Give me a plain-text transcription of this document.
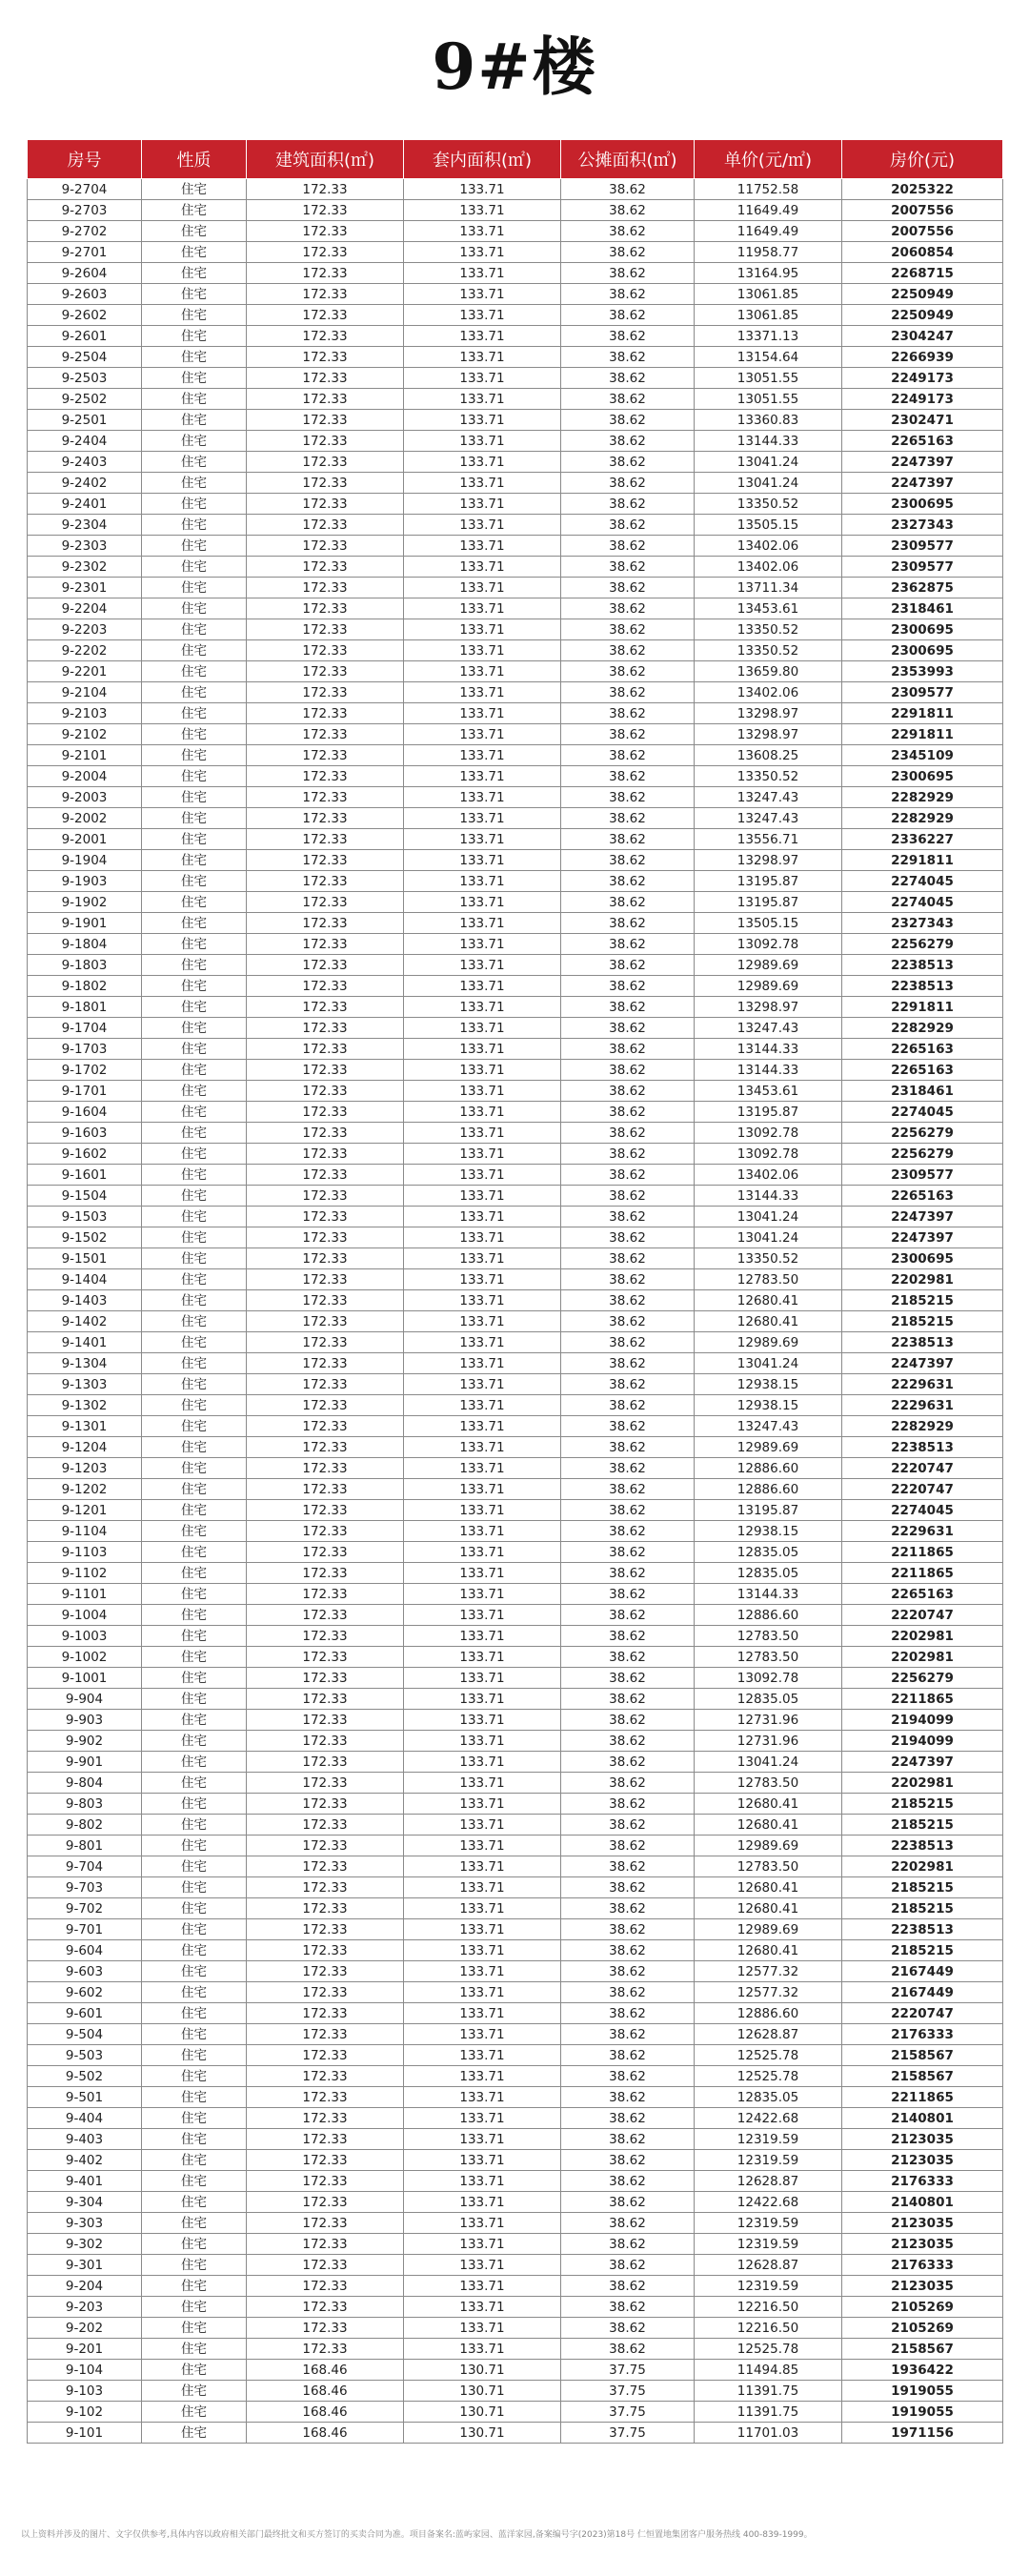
9#楼
房号	性质	建筑面积(㎡)	套内面积(㎡)	公摊面积(㎡)	单价(元/㎡)	房价(元)
9-2704	住宅	172.33	133.71	38.62	11752.58	2025322
9-2703	住宅	172.33	133.71	38.62	11649.49	2007556
9-2702	住宅	172.33	133.71	38.62	11649.49	2007556
9-2701	住宅	172.33	133.71	38.62	11958.77	2060854
9-2604	住宅	172.33	133.71	38.62	13164.95	2268715
9-2603	住宅	172.33	133.71	38.62	13061.85	2250949
9-2602	住宅	172.33	133.71	38.62	13061.85	2250949
9-2601	住宅	172.33	133.71	38.62	13371.13	2304247
9-2504	住宅	172.33	133.71	38.62	13154.64	2266939
9-2503	住宅	172.33	133.71	38.62	13051.55	2249173
9-2502	住宅	172.33	133.71	38.62	13051.55	2249173
9-2501	住宅	172.33	133.71	38.62	13360.83	2302471
9-2404	住宅	172.33	133.71	38.62	13144.33	2265163
9-2403	住宅	172.33	133.71	38.62	13041.24	2247397
9-2402	住宅	172.33	133.71	38.62	13041.24	2247397
9-2401	住宅	172.33	133.71	38.62	13350.52	2300695
9-2304	住宅	172.33	133.71	38.62	13505.15	2327343
9-2303	住宅	172.33	133.71	38.62	13402.06	2309577
9-2302	住宅	172.33	133.71	38.62	13402.06	2309577
9-2301	住宅	172.33	133.71	38.62	13711.34	2362875
9-2204	住宅	172.33	133.71	38.62	13453.61	2318461
9-2203	住宅	172.33	133.71	38.62	13350.52	2300695
9-2202	住宅	172.33	133.71	38.62	13350.52	2300695
9-2201	住宅	172.33	133.71	38.62	13659.80	2353993
9-2104	住宅	172.33	133.71	38.62	13402.06	2309577
9-2103	住宅	172.33	133.71	38.62	13298.97	2291811
9-2102	住宅	172.33	133.71	38.62	13298.97	2291811
9-2101	住宅	172.33	133.71	38.62	13608.25	2345109
9-2004	住宅	172.33	133.71	38.62	13350.52	2300695
9-2003	住宅	172.33	133.71	38.62	13247.43	2282929
9-2002	住宅	172.33	133.71	38.62	13247.43	2282929
9-2001	住宅	172.33	133.71	38.62	13556.71	2336227
9-1904	住宅	172.33	133.71	38.62	13298.97	2291811
9-1903	住宅	172.33	133.71	38.62	13195.87	2274045
9-1902	住宅	172.33	133.71	38.62	13195.87	2274045
9-1901	住宅	172.33	133.71	38.62	13505.15	2327343
9-1804	住宅	172.33	133.71	38.62	13092.78	2256279
9-1803	住宅	172.33	133.71	38.62	12989.69	2238513
9-1802	住宅	172.33	133.71	38.62	12989.69	2238513
9-1801	住宅	172.33	133.71	38.62	13298.97	2291811
9-1704	住宅	172.33	133.71	38.62	13247.43	2282929
9-1703	住宅	172.33	133.71	38.62	13144.33	2265163
9-1702	住宅	172.33	133.71	38.62	13144.33	2265163
9-1701	住宅	172.33	133.71	38.62	13453.61	2318461
9-1604	住宅	172.33	133.71	38.62	13195.87	2274045
9-1603	住宅	172.33	133.71	38.62	13092.78	2256279
9-1602	住宅	172.33	133.71	38.62	13092.78	2256279
9-1601	住宅	172.33	133.71	38.62	13402.06	2309577
9-1504	住宅	172.33	133.71	38.62	13144.33	2265163
9-1503	住宅	172.33	133.71	38.62	13041.24	2247397
9-1502	住宅	172.33	133.71	38.62	13041.24	2247397
9-1501	住宅	172.33	133.71	38.62	13350.52	2300695
9-1404	住宅	172.33	133.71	38.62	12783.50	2202981
9-1403	住宅	172.33	133.71	38.62	12680.41	2185215
9-1402	住宅	172.33	133.71	38.62	12680.41	2185215
9-1401	住宅	172.33	133.71	38.62	12989.69	2238513
9-1304	住宅	172.33	133.71	38.62	13041.24	2247397
9-1303	住宅	172.33	133.71	38.62	12938.15	2229631
9-1302	住宅	172.33	133.71	38.62	12938.15	2229631
9-1301	住宅	172.33	133.71	38.62	13247.43	2282929
9-1204	住宅	172.33	133.71	38.62	12989.69	2238513
9-1203	住宅	172.33	133.71	38.62	12886.60	2220747
9-1202	住宅	172.33	133.71	38.62	12886.60	2220747
9-1201	住宅	172.33	133.71	38.62	13195.87	2274045
9-1104	住宅	172.33	133.71	38.62	12938.15	2229631
9-1103	住宅	172.33	133.71	38.62	12835.05	2211865
9-1102	住宅	172.33	133.71	38.62	12835.05	2211865
9-1101	住宅	172.33	133.71	38.62	13144.33	2265163
9-1004	住宅	172.33	133.71	38.62	12886.60	2220747
9-1003	住宅	172.33	133.71	38.62	12783.50	2202981
9-1002	住宅	172.33	133.71	38.62	12783.50	2202981
9-1001	住宅	172.33	133.71	38.62	13092.78	2256279
9-904	住宅	172.33	133.71	38.62	12835.05	2211865
9-903	住宅	172.33	133.71	38.62	12731.96	2194099
9-902	住宅	172.33	133.71	38.62	12731.96	2194099
9-901	住宅	172.33	133.71	38.62	13041.24	2247397
9-804	住宅	172.33	133.71	38.62	12783.50	2202981
9-803	住宅	172.33	133.71	38.62	12680.41	2185215
9-802	住宅	172.33	133.71	38.62	12680.41	2185215
9-801	住宅	172.33	133.71	38.62	12989.69	2238513
9-704	住宅	172.33	133.71	38.62	12783.50	2202981
9-703	住宅	172.33	133.71	38.62	12680.41	2185215
9-702	住宅	172.33	133.71	38.62	12680.41	2185215
9-701	住宅	172.33	133.71	38.62	12989.69	2238513
9-604	住宅	172.33	133.71	38.62	12680.41	2185215
9-603	住宅	172.33	133.71	38.62	12577.32	2167449
9-602	住宅	172.33	133.71	38.62	12577.32	2167449
9-601	住宅	172.33	133.71	38.62	12886.60	2220747
9-504	住宅	172.33	133.71	38.62	12628.87	2176333
9-503	住宅	172.33	133.71	38.62	12525.78	2158567
9-502	住宅	172.33	133.71	38.62	12525.78	2158567
9-501	住宅	172.33	133.71	38.62	12835.05	2211865
9-404	住宅	172.33	133.71	38.62	12422.68	2140801
9-403	住宅	172.33	133.71	38.62	12319.59	2123035
9-402	住宅	172.33	133.71	38.62	12319.59	2123035
9-401	住宅	172.33	133.71	38.62	12628.87	2176333
9-304	住宅	172.33	133.71	38.62	12422.68	2140801
9-303	住宅	172.33	133.71	38.62	12319.59	2123035
9-302	住宅	172.33	133.71	38.62	12319.59	2123035
9-301	住宅	172.33	133.71	38.62	12628.87	2176333
9-204	住宅	172.33	133.71	38.62	12319.59	2123035
9-203	住宅	172.33	133.71	38.62	12216.50	2105269
9-202	住宅	172.33	133.71	38.62	12216.50	2105269
9-201	住宅	172.33	133.71	38.62	12525.78	2158567
9-104	住宅	168.46	130.71	37.75	11494.85	1936422
9-103	住宅	168.46	130.71	37.75	11391.75	1919055
9-102	住宅	168.46	130.71	37.75	11391.75	1919055
9-101	住宅	168.46	130.71	37.75	11701.03	1971156
以上资料并涉及的图片、文字仅供参考,具体内容以政府相关部门最终批文和买方签订的买卖合同为准。项目备案名:蓝屿家园、蓝洋家园,备案编号字(2023)第18号 仁恒置地集团客户服务热线 400-839-1999。
